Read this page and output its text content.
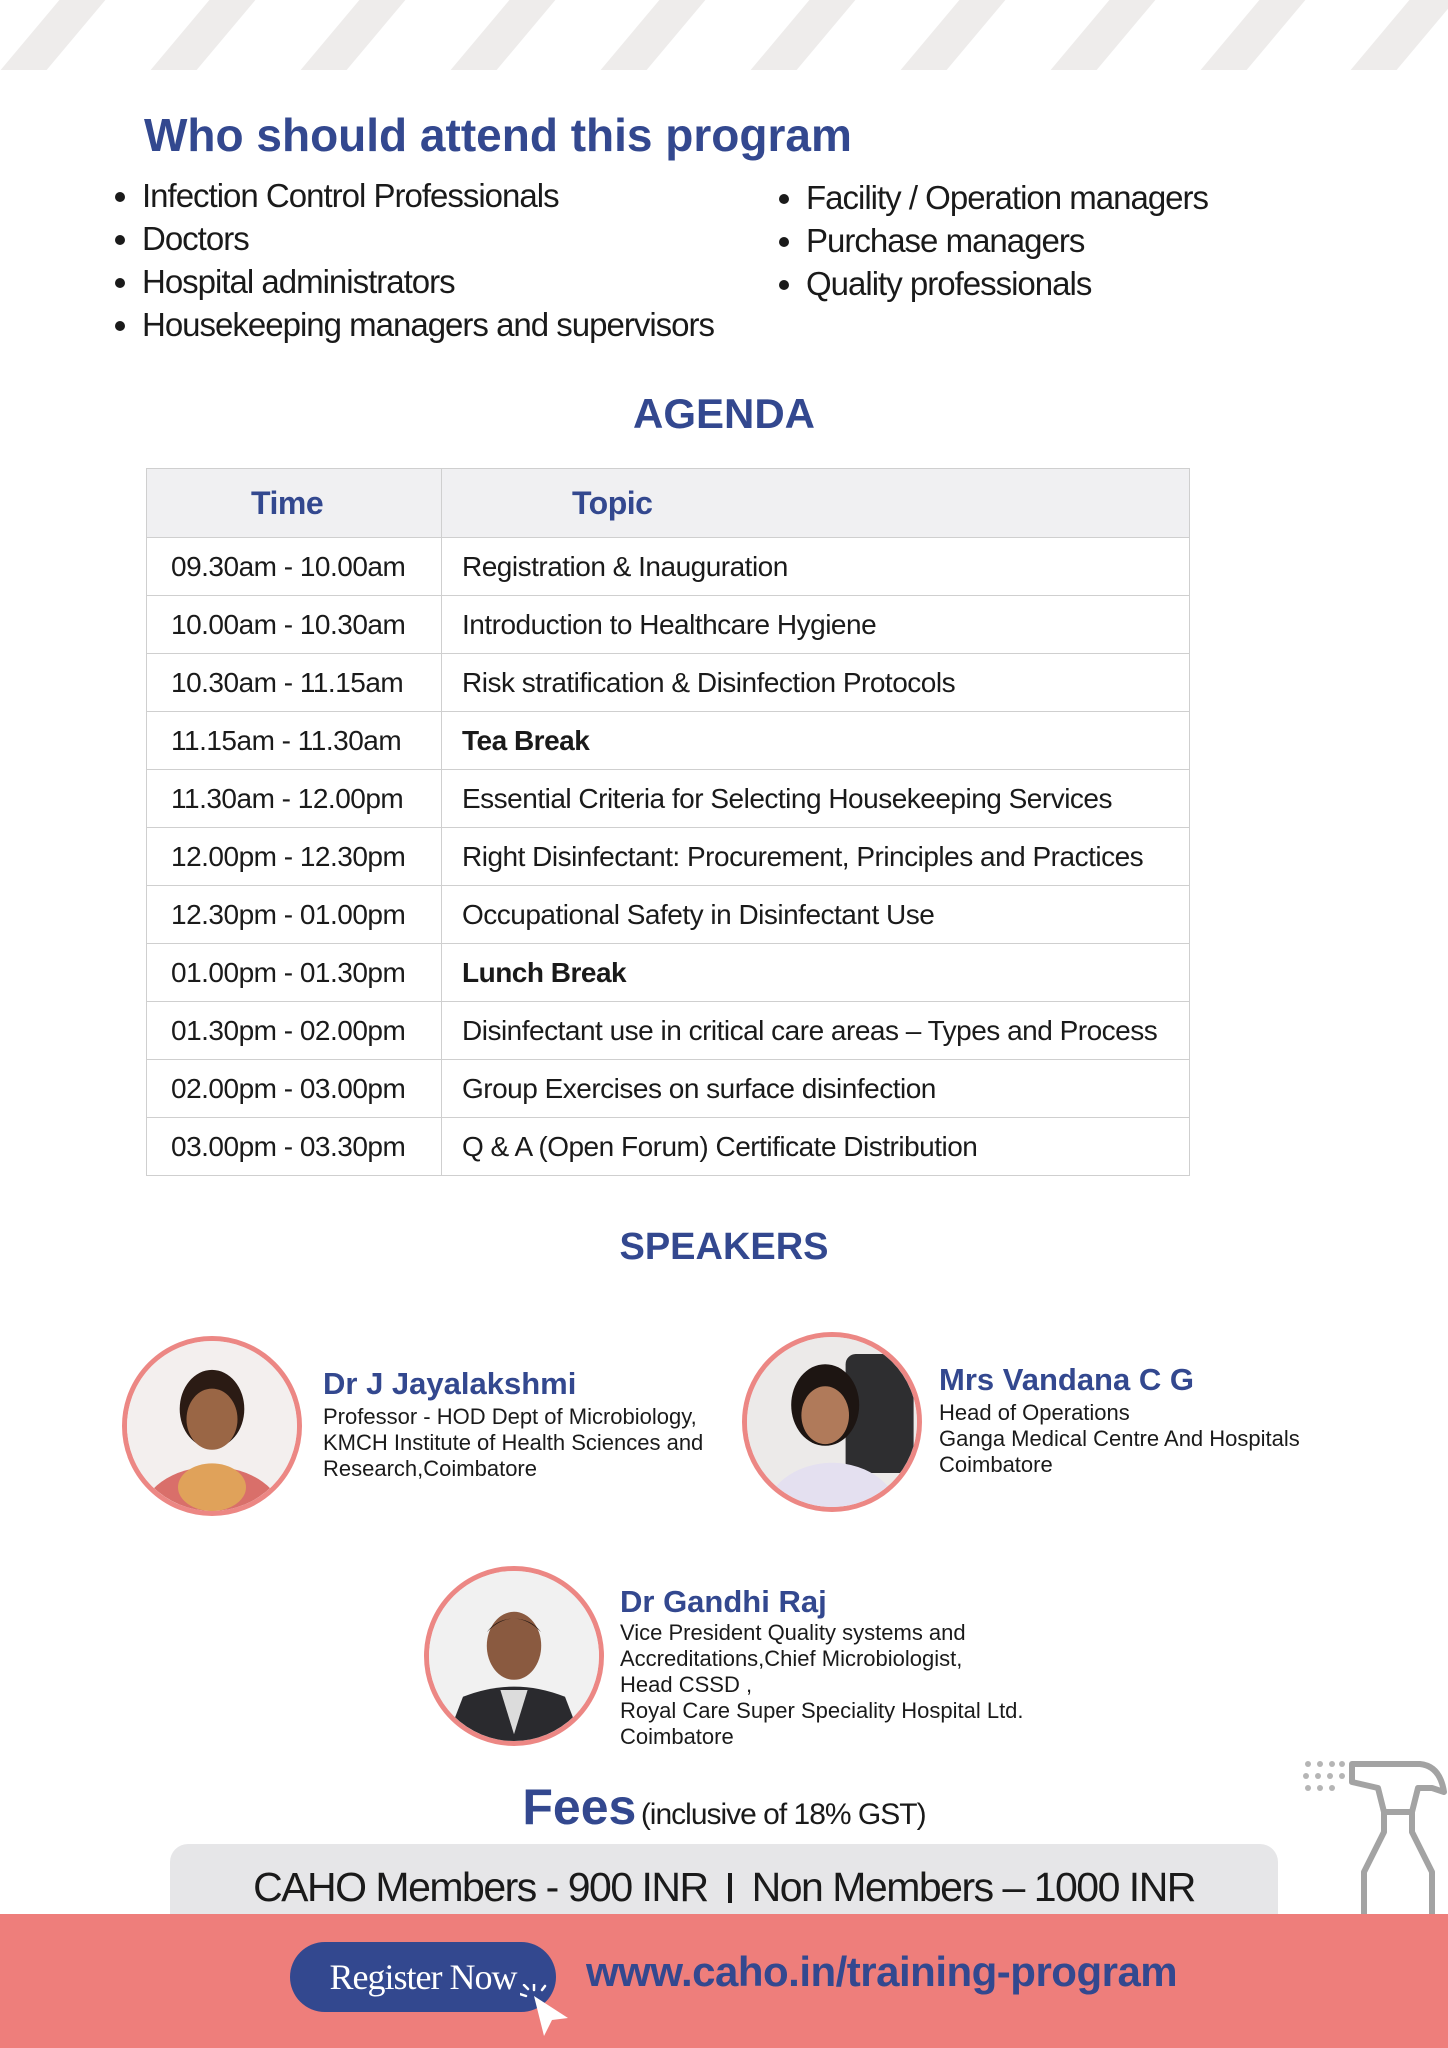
Who should attend this program
• Infection Control Professionals
• Doctors
• Hospital administrators
• Housekeeping managers and supervisors
• Facility / Operation managers
• Purchase managers
• Quality professionals
AGENDA
Time	Topic
09.30am - 10.00am	Registration & Inauguration
10.00am - 10.30am	Introduction to Healthcare Hygiene
10.30am - 11.15am	Risk stratification & Disinfection Protocols
11.15am - 11.30am	Tea Break
11.30am - 12.00pm	Essential Criteria for Selecting Housekeeping Services
12.00pm - 12.30pm	Right Disinfectant: Procurement, Principles and Practices
12.30pm - 01.00pm	Occupational Safety in Disinfectant Use
01.00pm - 01.30pm	Lunch Break
01.30pm - 02.00pm	Disinfectant use in critical care areas – Types and Process
02.00pm - 03.00pm	Group Exercises on surface disinfection
03.00pm - 03.30pm	Q & A (Open Forum) Certificate Distribution
SPEAKERS
Dr J Jayalakshmi

Professor - HOD Dept of Microbiology,
KMCH Institute of Health Sciences and
Research,Coimbatore

Mrs Vandana C G

Head of Operations
Ganga Medical Centre And Hospitals
Coimbatore

Dr Gandhi Raj

Vice President Quality systems and
Accreditations,Chief Microbiologist,
Head CSSD ,
Royal Care Super Speciality Hospital Ltd.
Coimbatore

Fees (inclusive of 18% GST)
CAHO Members - 900 INR Non Members – 1000 INR
Register Now	www.caho.in/training-program
